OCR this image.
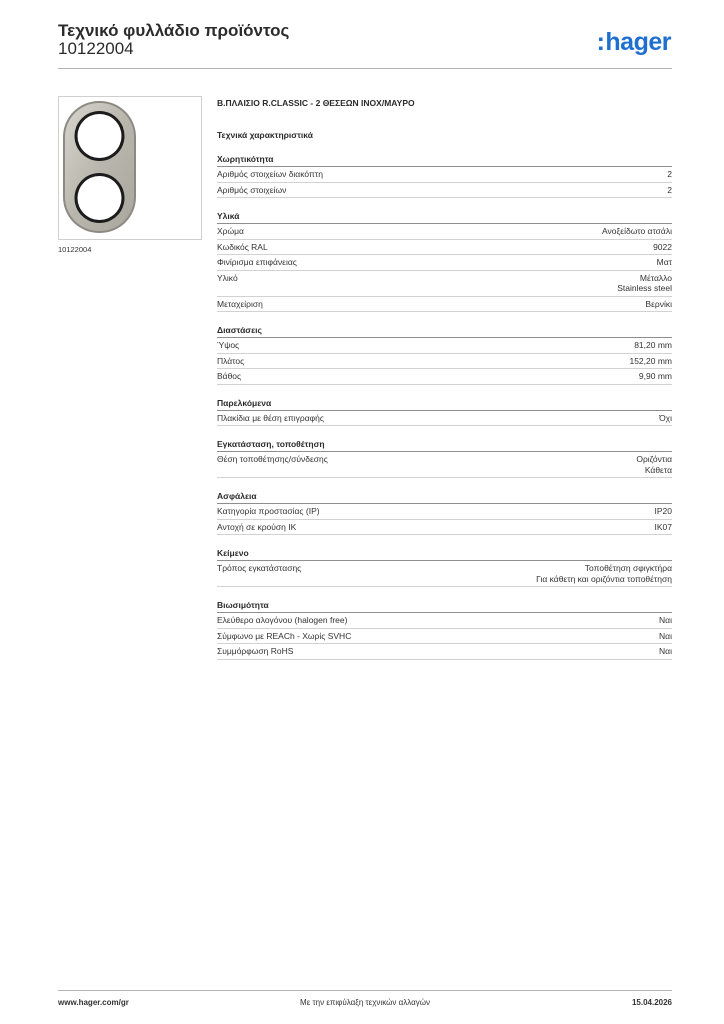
Τεχνικό φυλλάδιο προϊόντος
10122004	:hager
10122004
Β.ΠΛΑΙΣΙΟ R.CLASSIC - 2 ΘΕΣΕΩΝ INOX/ΜΑΥΡΟ
Τεχνικά χαρακτηριστικά
Χωρητικότητα
Αριθμός στοιχείων διακόπτη	2
Αριθμός στοιχείων	2
Υλικά
Χρώμα	Ανοξείδωτο ατσάλι
Κωδικός RAL	9022
Φινίρισμα επιφάνειας	Ματ
Υλικό	Μέταλλο
Stainless steel
Μεταχείριση	Βερνίκι
Διαστάσεις
Ύψος	81,20 mm
Πλάτος	152,20 mm
Βάθος	9,90 mm
Παρελκόμενα
Πλακίδια με θέση επιγραφής	Όχι
Εγκατάσταση, τοποθέτηση
Θέση τοποθέτησης/σύνδεσης	Οριζόντια
Κάθετα
Ασφάλεια
Κατηγορία προστασίας (IP)	IP20
Αντοχή σε κρούση IK	IK07
Κείμενο
Τρόπος εγκατάστασης	Τοποθέτηση σφιγκτήρα
Για κάθετη και οριζόντια τοποθέτηση
Βιωσιμότητα
Ελεύθερο αλογόνου (halogen free)	Ναι
Σύμφωνο με REACh - Χωρίς SVHC	Ναι
Συμμόρφωση RoHS	Ναι
www.hager.com/gr	Με την επιφύλαξη τεχνικών αλλαγών	15.04.2026
